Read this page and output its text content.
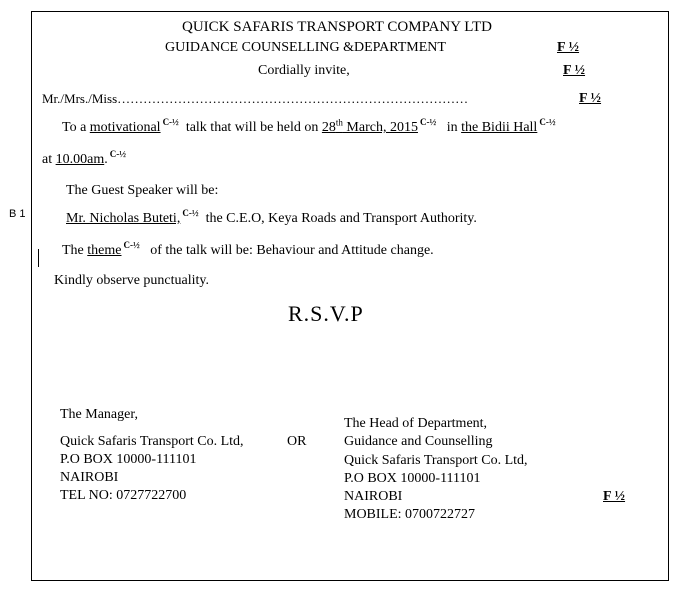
B 1
QUICK SAFARIS TRANSPORT COMPANY LTD
GUIDANCE COUNSELLING &DEPARTMENT	F ½
Cordially invite,	F ½
Mr./Mrs./Miss………………………………………………………………………	F ½
To a motivational $^{C-\frac{1}{2}}$ talk that will be held on 28th March, 2015 $^{C-\frac{1}{2}}$ in the Bidii Hall $^{C-\frac{1}{2}}$
at 10.00am. $^{C-\frac{1}{2}}$
The Guest Speaker will be:
Mr. Nicholas Buteti, $^{C-\frac{1}{2}}$ the C.E.O, Keya Roads and Transport Authority.
The theme $^{C-\frac{1}{2}}$ of the talk will be: Behaviour and Attitude change.
Kindly observe punctuality.
R.S.V.P
The Manager,
Quick Safaris Transport Co. Ltd,	OR
P.O BOX 10000-111101
NAIROBI
TEL NO: 0727722700
The Head of Department,
Guidance and Counselling
Quick Safaris Transport Co. Ltd,
P.O BOX 10000-111101
NAIROBI	F ½
MOBILE: 0700722727
